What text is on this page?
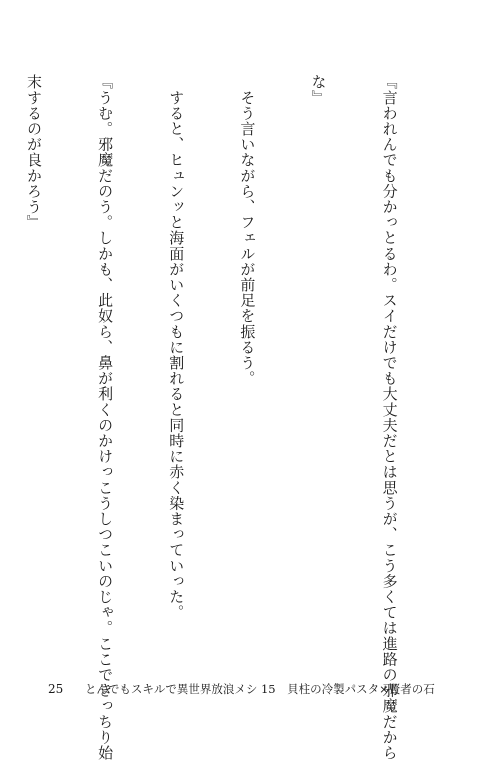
『言われんでも分かっとるわ。スイだけでも大丈夫だとは思うが、こう多くては進路の邪魔だから

な』

　そう言いながら、フェルが前足を振るう。

　すると、ヒュンッと海面がいくつもに割れると同時に赤く染まっていった。

『うむ。邪魔だのう。しかも、此奴ら、鼻が利くのかけっこうしつこいのじゃ。ここできっちり始

末するのが良かろう』

25 とんでもスキルで異世界放浪メシ 15　貝柱の冷製パスタ×賢者の石
